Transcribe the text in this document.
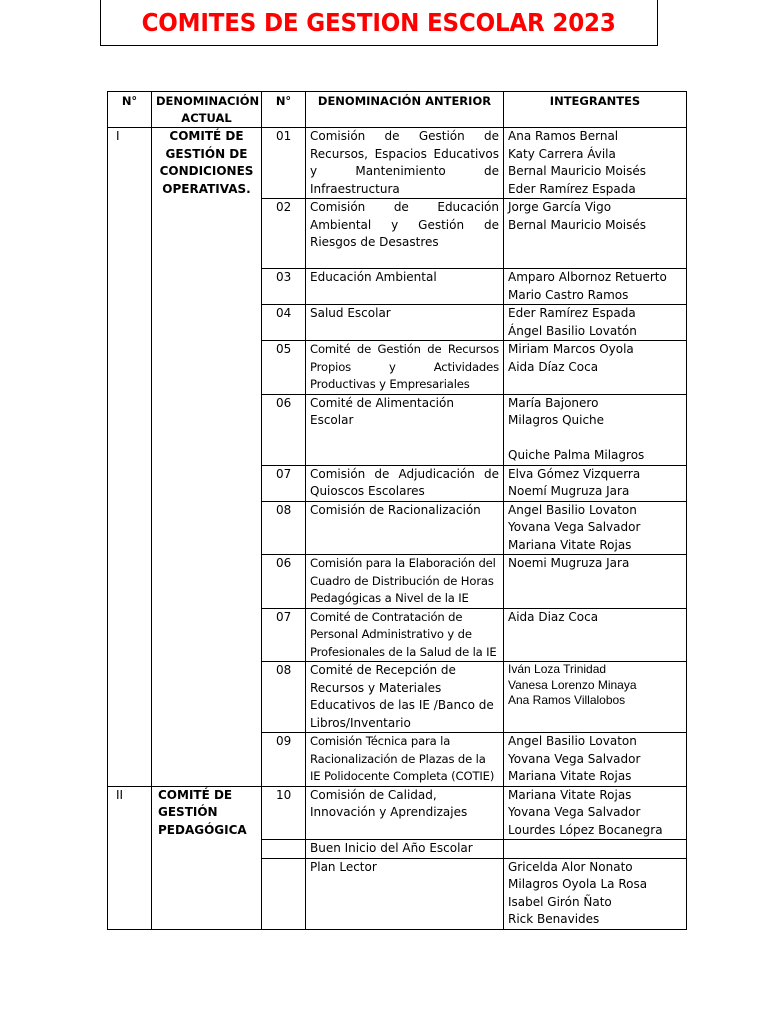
COMITES DE GESTION ESCOLAR 2023
N°	DENOMINACIÓN ACTUAL	N°	DENOMINACIÓN ANTERIOR	INTEGRANTES
I	COMITÉ DE GESTIÓN DE CONDICIONES OPERATIVAS.	01	Comisión de Gestión de Recursos, Espacios Educativos y Mantenimiento de Infraestructura	Ana Ramos Bernal
Katy Carrera Ávila
Bernal Mauricio Moisés
Eder Ramírez Espada

		02	Comisión de Educación Ambiental y Gestión de Riesgos de Desastres	Jorge García Vigo
Bernal Mauricio Moisés

		03	Educación Ambiental	Amparo Albornoz Retuerto
Mario Castro Ramos

		04	Salud Escolar	Eder Ramírez Espada
Ángel Basilio Lovatón

		05	Comité de Gestión de Recursos Propios y Actividades Productivas y Empresariales	Miriam Marcos Oyola
Aida Díaz Coca

		06	Comité de Alimentación Escolar	María Bajonero
Milagros Quiche
Quiche Palma Milagros

		07	Comisión de Adjudicación de Quioscos Escolares	Elva Gómez Vizquerra
Noemí Mugruza Jara

		08	Comisión de Racionalización	Angel Basilio Lovaton
Yovana Vega Salvador
Mariana Vitate Rojas

		06	Comisión para la Elaboración del Cuadro de Distribución de Horas Pedagógicas a Nivel de la IE	Noemi Mugruza Jara

		07	Comité de Contratación de Personal Administrativo y de Profesionales de la Salud de la IE	Aida Diaz Coca

		08	Comité de Recepción de Recursos y Materiales Educativos de las IE /Banco de Libros/Inventario	Iván Loza Trinidad
Vanesa Lorenzo Minaya
Ana Ramos Villalobos

		09	Comisión Técnica para la Racionalización de Plazas de la IE Polidocente Completa (COTIE)	Angel Basilio Lovaton
Yovana Vega Salvador
Mariana Vitate Rojas

II	COMITÉ DE GESTIÓN PEDAGÓGICA	10	Comisión de Calidad, Innovación y Aprendizajes	Mariana Vitate Rojas
Yovana Vega Salvador
Lourdes López Bocanegra

			Buen Inicio del Año Escolar	
			Plan Lector	Gricelda Alor Nonato
Milagros Oyola La Rosa
Isabel Girón Ñato
Rick Benavides
